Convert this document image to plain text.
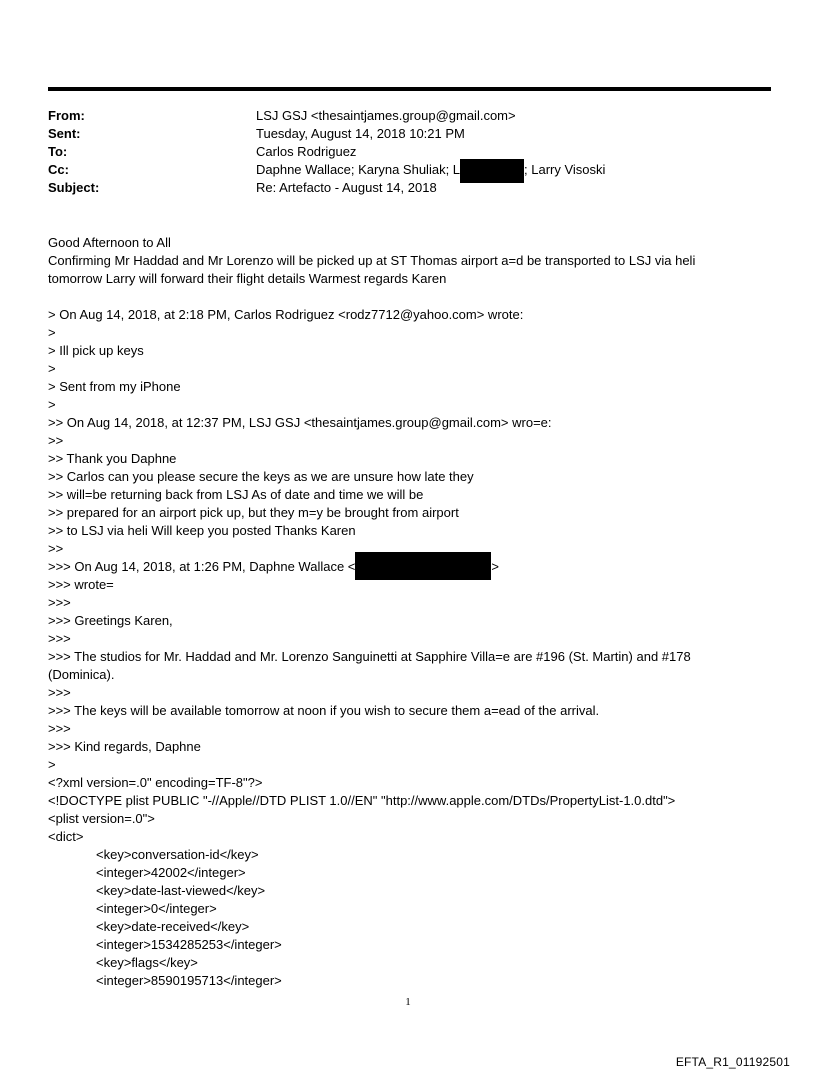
From:	LSJ GSJ <thesaintjames.group@gmail.com>
Sent:	Tuesday, August 14, 2018 10:21 PM
To:	Carlos Rodriguez
Cc:	Daphne Wallace; Karyna Shuliak; L	; Larry Visoski
Subject:	Re: Artefacto - August 14, 2018
Good Afternoon to All
Confirming Mr Haddad and Mr Lorenzo will be picked up at ST Thomas airport a=d be transported to LSJ via heli
tomorrow Larry will forward their flight details Warmest regards Karen
> On Aug 14, 2018, at 2:18 PM, Carlos Rodriguez <rodz7712@yahoo.com> wrote:
>
> Ill pick up keys
>
> Sent from my iPhone
>
>> On Aug 14, 2018, at 12:37 PM, LSJ GSJ <thesaintjames.group@gmail.com> wro=e:
>>
>> Thank you Daphne
>> Carlos can you please secure the keys as we are unsure how late they
>> will=be returning back from LSJ As of date and time we will be
>> prepared for an airport pick up, but they m=y be brought from airport
>> to LSJ via heli Will keep you posted Thanks Karen
>>
>>> On Aug 14, 2018, at 1:26 PM, Daphne Wallace <	>
>>> wrote=
>>>
>>> Greetings Karen,
>>>
>>> The studios for Mr. Haddad and Mr. Lorenzo Sanguinetti at Sapphire Villa=e are #196 (St. Martin) and #178
(Dominica).
>>>
>>> The keys will be available tomorrow at noon if you wish to secure them a=ead of the arrival.
>>>
>>> Kind regards, Daphne
>
<?xml version=.0" encoding=TF-8"?>
<!DOCTYPE plist PUBLIC "-//Apple//DTD PLIST 1.0//EN" "http://www.apple.com/DTDs/PropertyList-1.0.dtd">
<plist version=.0">
<dict>
<key>conversation-id</key>
<integer>42002</integer>
<key>date-last-viewed</key>
<integer>0</integer>
<key>date-received</key>
<integer>1534285253</integer>
<key>flags</key>
<integer>8590195713</integer>
1
EFTA_R1_01192501
